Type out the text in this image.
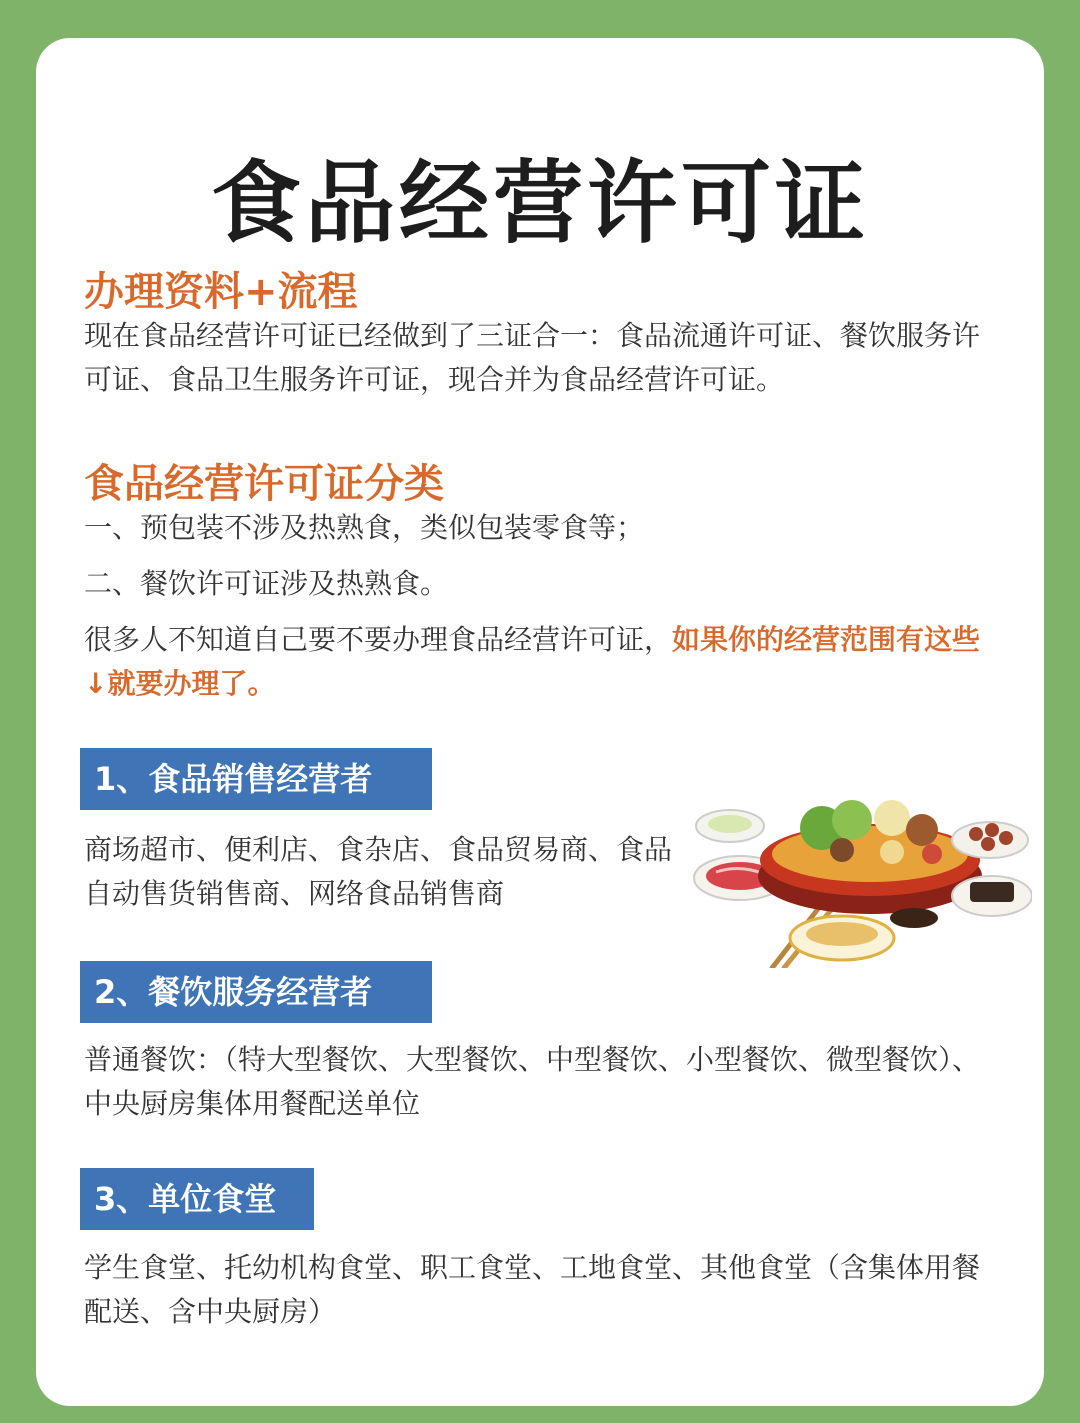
食品经营许可证
办理资料+流程

现在食品经营许可证已经做到了三证合一：食品流通许可证、餐饮服务许可证、食品卫生服务许可证，现合并为食品经营许可证。

食品经营许可证分类

一、预包装不涉及热熟食，类似包装零食等；

二、餐饮许可证涉及热熟食。

很多人不知道自己要不要办理食品经营许可证，如果你的经营范围有这些↓就要办理了。

1、食品销售经营者

商场超市、便利店、食杂店、食品贸易商、食品自动售货销售商、网络食品销售商

2、餐饮服务经营者

普通餐饮：（特大型餐饮、大型餐饮、中型餐饮、小型餐饮、微型餐饮）、中央厨房集体用餐配送单位

3、单位食堂

学生食堂、托幼机构食堂、职工食堂、工地食堂、其他食堂（含集体用餐配送、含中央厨房）
